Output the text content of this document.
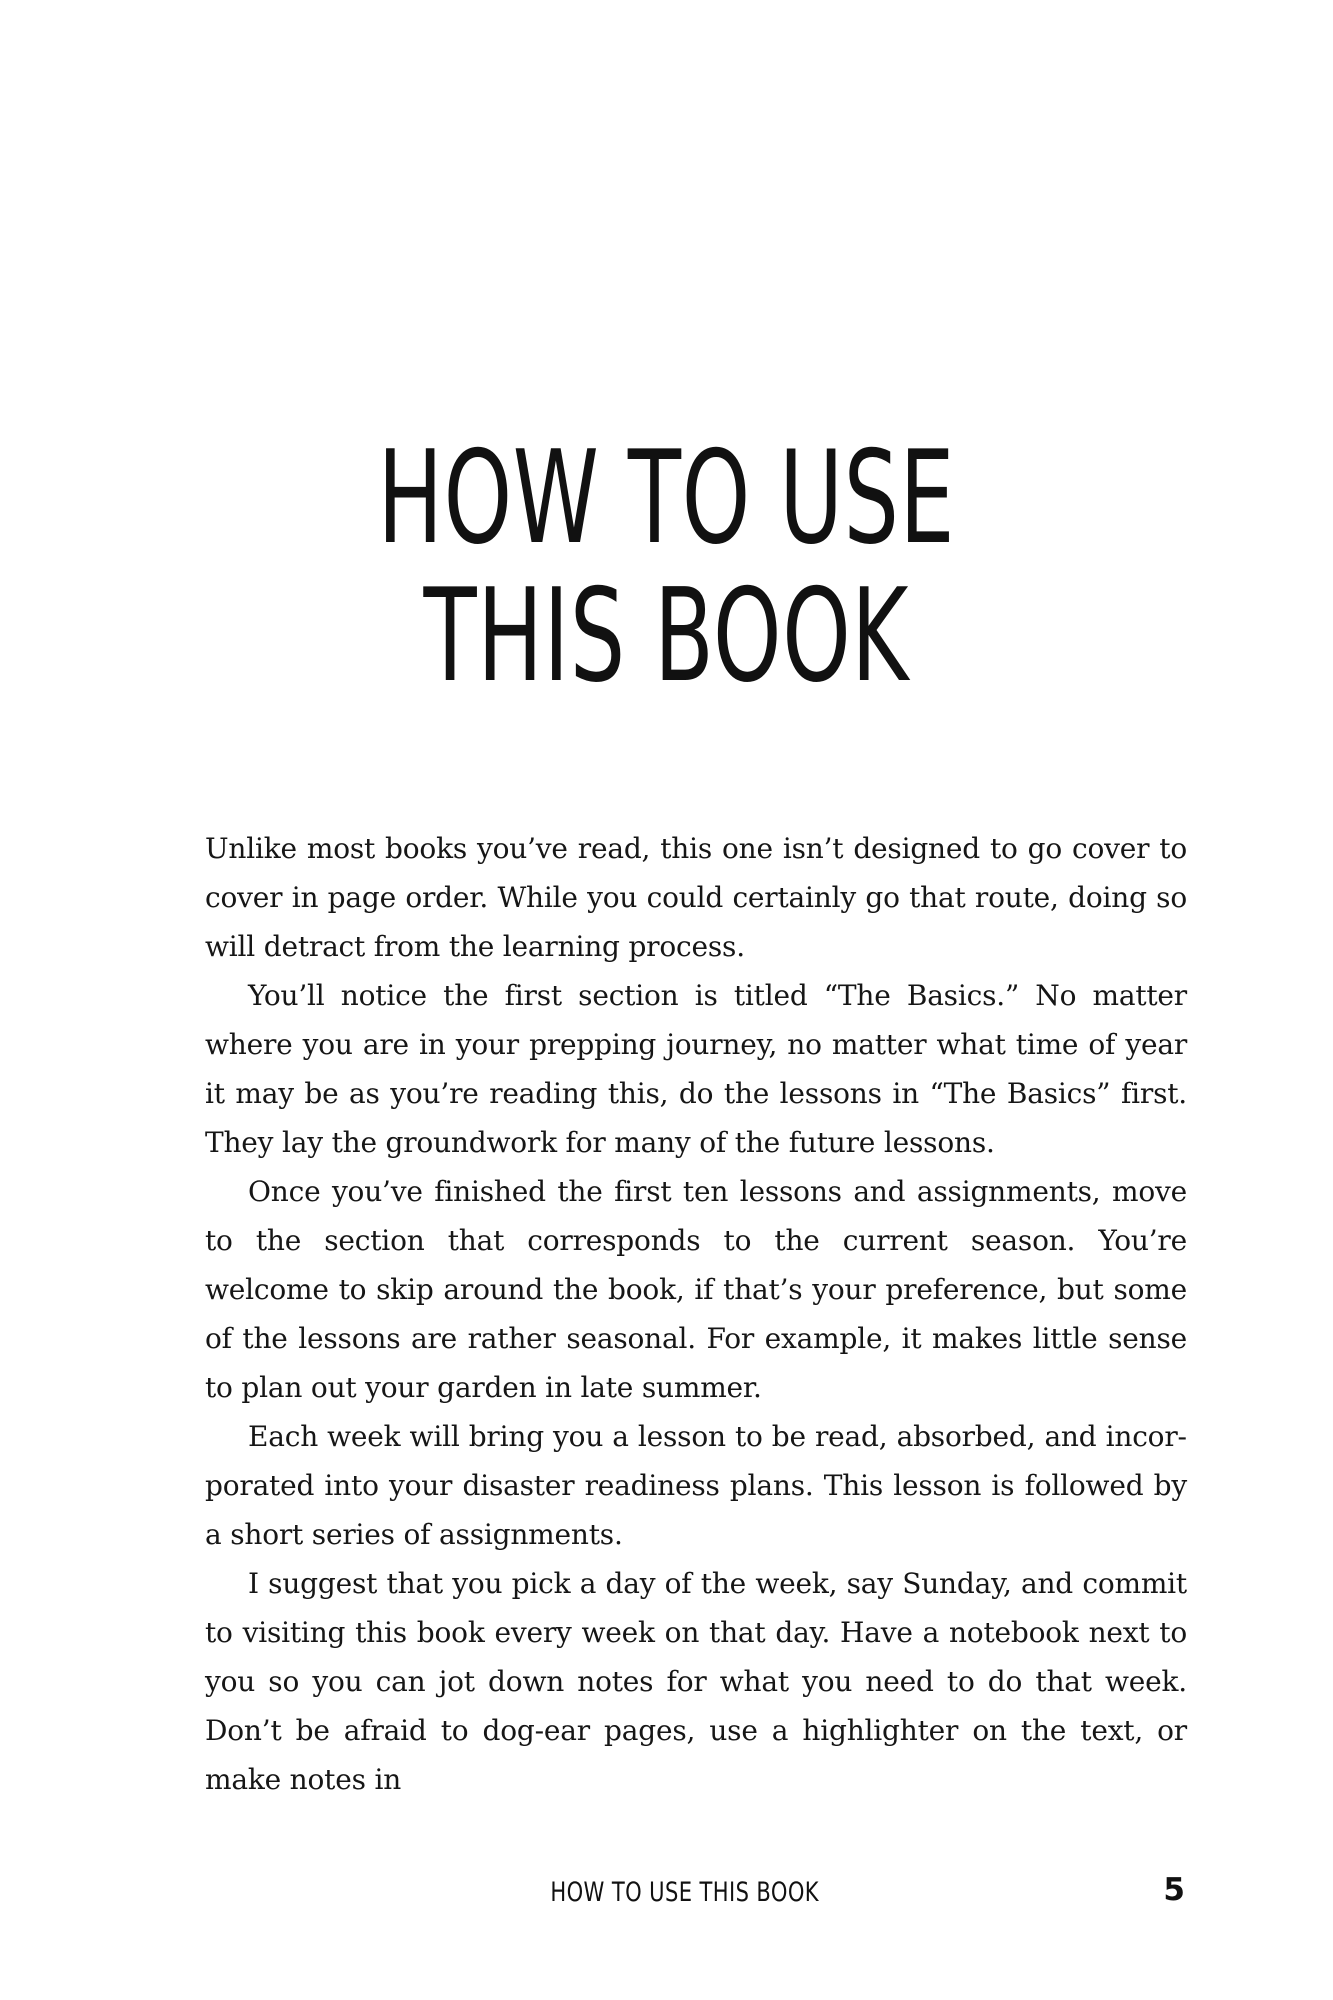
HOW TO USE
THIS BOOK

Unlike most books you’ve read, this one isn’t designed to go cover to cover in page order. While you could certainly go that route, doing so will detract from the learning process.

You’ll notice the first section is titled “The Basics.” No matter where you are in your prepping journey, no matter what time of year it may be as you’re reading this, do the lessons in “The Basics” first. They lay the groundwork for many of the future lessons.

Once you’ve finished the first ten lessons and assignments, move to the section that corresponds to the current season. You’re welcome to skip around the book, if that’s your preference, but some of the lessons are rather seasonal. For example, it makes little sense to plan out your garden in late summer.

Each week will bring you a lesson to be read, absorbed, and incorporated into your disaster readiness plans. This lesson is followed by a short series of assignments.

I suggest that you pick a day of the week, say Sunday, and commit to visiting this book every week on that day. Have a notebook next to you so you can jot down notes for what you need to do that week. Don’t be afraid to dog-ear pages, use a highlighter on the text, or make notes in

HOW TO USE THIS BOOK	5
